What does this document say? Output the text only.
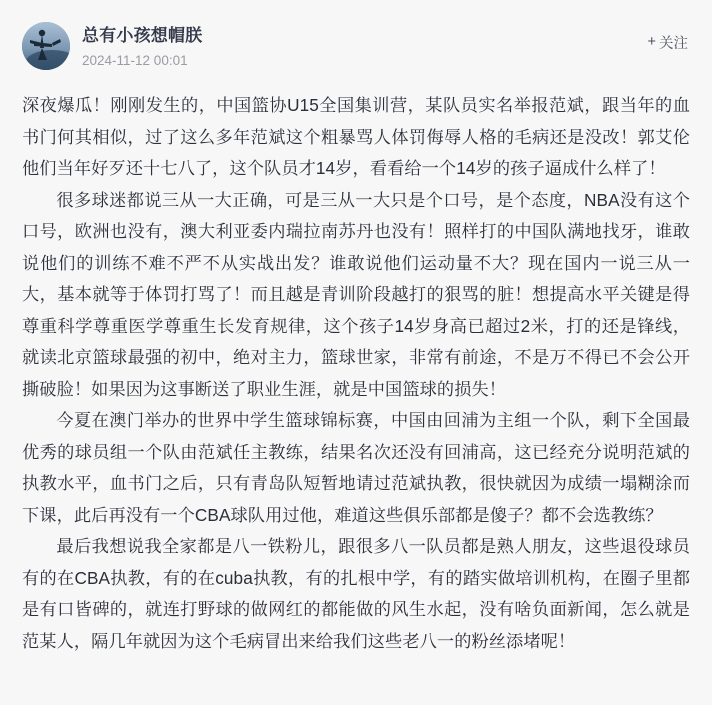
总有小孩想帽朕
2024-11-12 00:01
+ 关注

深夜爆瓜！刚刚发生的，中国篮协U15全国集训营，某队员实名举报范斌，跟当年的血书门何其相似，过了这么多年范斌这个粗暴骂人体罚侮辱人格的毛病还是没改！郭艾伦他们当年好歹还十七八了，这个队员才14岁，看看给一个14岁的孩子逼成什么样了！

很多球迷都说三从一大正确，可是三从一大只是个口号，是个态度，NBA没有这个口号，欧洲也没有，澳大利亚委内瑞拉南苏丹也没有！照样打的中国队满地找牙，谁敢说他们的训练不难不严不从实战出发？谁敢说他们运动量不大？现在国内一说三从一大，基本就等于体罚打骂了！而且越是青训阶段越打的狠骂的脏！想提高水平关键是得尊重科学尊重医学尊重生长发育规律，这个孩子14岁身高已超过2米，打的还是锋线，就读北京篮球最强的初中，绝对主力，篮球世家，非常有前途，不是万不得已不会公开撕破脸！如果因为这事断送了职业生涯，就是中国篮球的损失！

今夏在澳门举办的世界中学生篮球锦标赛，中国由回浦为主组一个队，剩下全国最优秀的球员组一个队由范斌任主教练，结果名次还没有回浦高，这已经充分说明范斌的执教水平，血书门之后，只有青岛队短暂地请过范斌执教，很快就因为成绩一塌糊涂而下课，此后再没有一个CBA球队用过他，难道这些俱乐部都是傻子？都不会选教练？

最后我想说我全家都是八一铁粉儿，跟很多八一队员都是熟人朋友，这些退役球员有的在CBA执教，有的在cuba执教，有的扎根中学，有的踏实做培训机构，在圈子里都是有口皆碑的，就连打野球的做网红的都能做的风生水起，没有啥负面新闻，怎么就是范某人，隔几年就因为这个毛病冒出来给我们这些老八一的粉丝添堵呢！
